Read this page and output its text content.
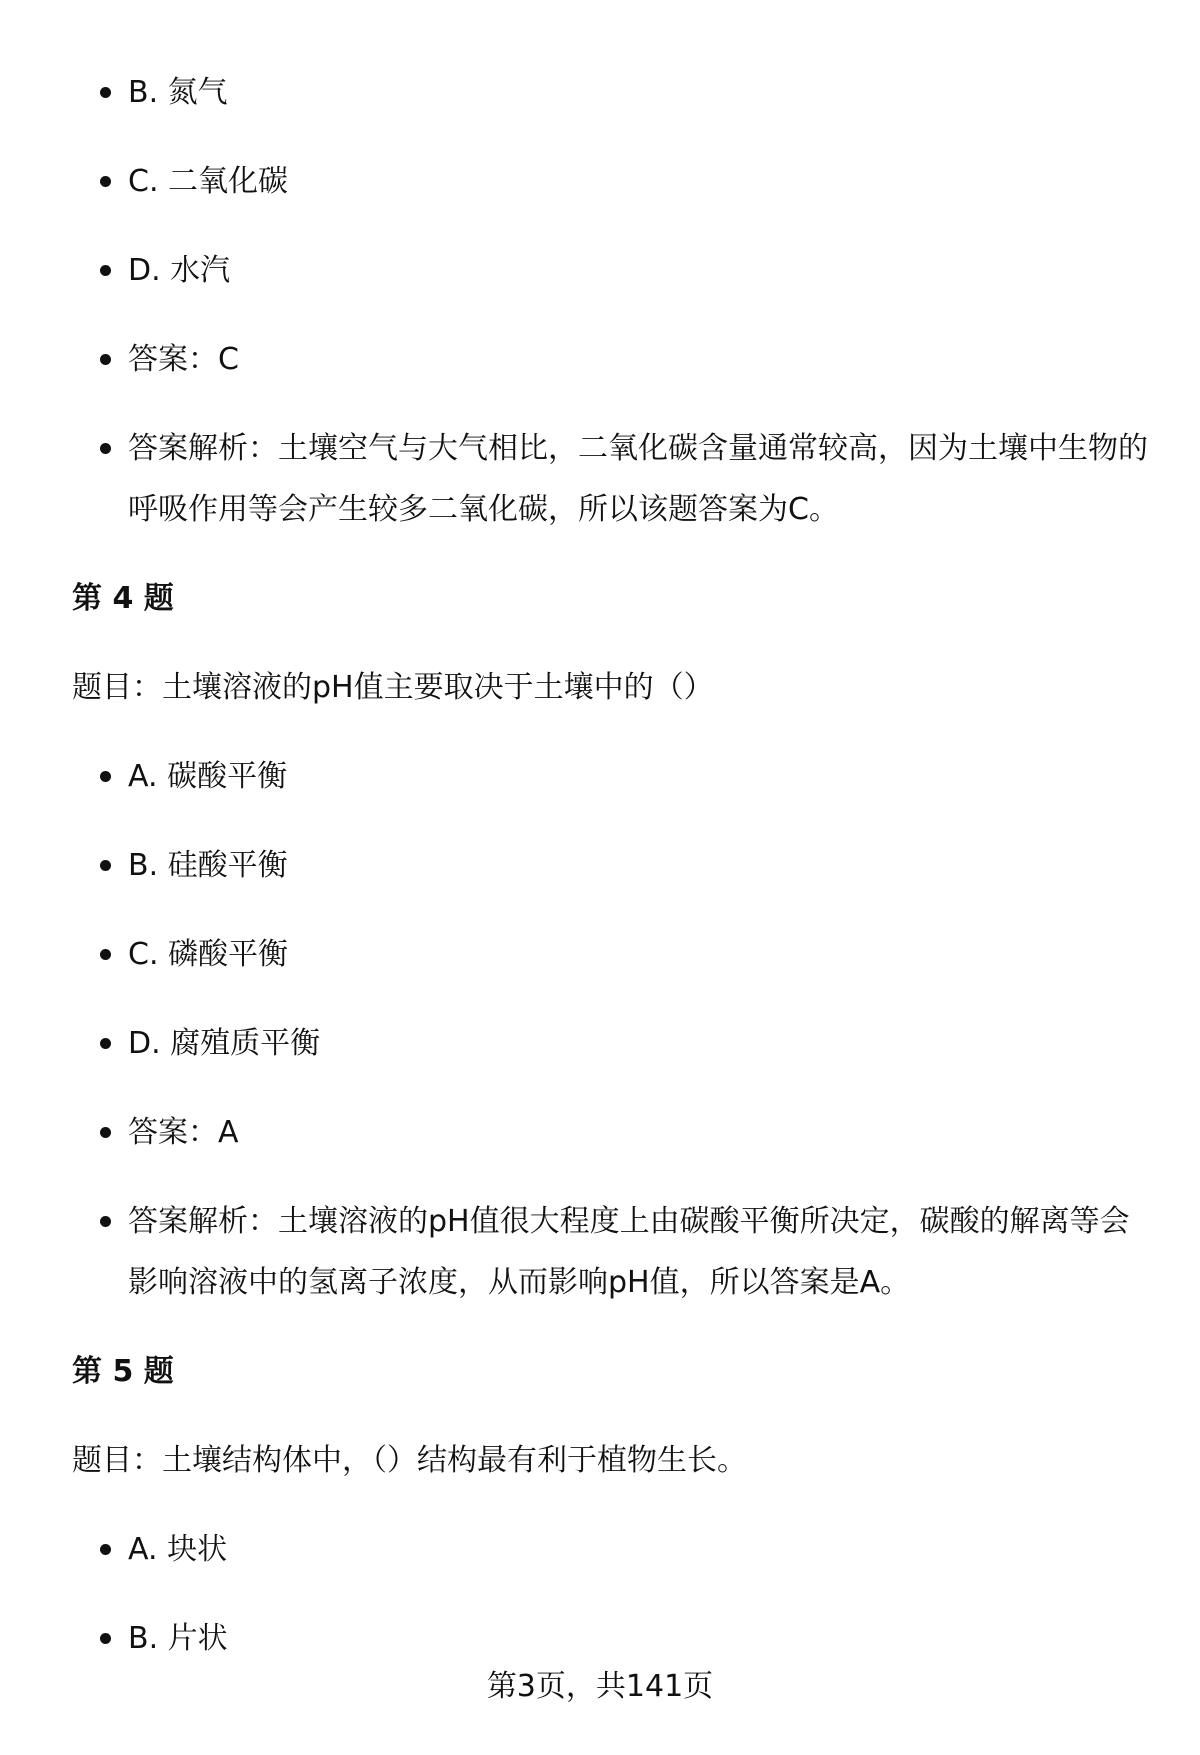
B. 氮气
C. 二氧化碳
D. 水汽
答案：C
答案解析：土壤空气与大气相比，二氧化碳含量通常较高，因为土壤中生物的呼吸作用等会产生较多二氧化碳，所以该题答案为C。
第 4 题
题目：土壤溶液的pH值主要取决于土壤中的（）
A. 碳酸平衡
B. 硅酸平衡
C. 磷酸平衡
D. 腐殖质平衡
答案：A
答案解析：土壤溶液的pH值很大程度上由碳酸平衡所决定，碳酸的解离等会影响溶液中的氢离子浓度，从而影响pH值，所以答案是A。
第 5 题
题目：土壤结构体中，（）结构最有利于植物生长。
A. 块状
B. 片状
第3页，共141页
